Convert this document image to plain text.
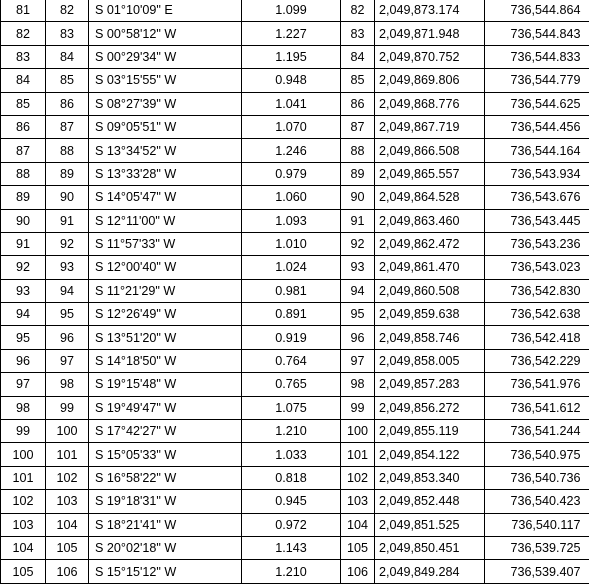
81	82	S 01°10'09" E	1.099	82	2,049,873.174	736,544.864
82	83	S 00°58'12" W	1.227	83	2,049,871.948	736,544.843
83	84	S 00°29'34" W	1.195	84	2,049,870.752	736,544.833
84	85	S 03°15'55" W	0.948	85	2,049,869.806	736,544.779
85	86	S 08°27'39" W	1.041	86	2,049,868.776	736,544.625
86	87	S 09°05'51" W	1.070	87	2,049,867.719	736,544.456
87	88	S 13°34'52" W	1.246	88	2,049,866.508	736,544.164
88	89	S 13°33'28" W	0.979	89	2,049,865.557	736,543.934
89	90	S 14°05'47" W	1.060	90	2,049,864.528	736,543.676
90	91	S 12°11'00" W	1.093	91	2,049,863.460	736,543.445
91	92	S 11°57'33" W	1.010	92	2,049,862.472	736,543.236
92	93	S 12°00'40" W	1.024	93	2,049,861.470	736,543.023
93	94	S 11°21'29" W	0.981	94	2,049,860.508	736,542.830
94	95	S 12°26'49" W	0.891	95	2,049,859.638	736,542.638
95	96	S 13°51'20" W	0.919	96	2,049,858.746	736,542.418
96	97	S 14°18'50" W	0.764	97	2,049,858.005	736,542.229
97	98	S 19°15'48" W	0.765	98	2,049,857.283	736,541.976
98	99	S 19°49'47" W	1.075	99	2,049,856.272	736,541.612
99	100	S 17°42'27" W	1.210	100	2,049,855.119	736,541.244
100	101	S 15°05'33" W	1.033	101	2,049,854.122	736,540.975
101	102	S 16°58'22" W	0.818	102	2,049,853.340	736,540.736
102	103	S 19°18'31" W	0.945	103	2,049,852.448	736,540.423
103	104	S 18°21'41" W	0.972	104	2,049,851.525	736,540.117
104	105	S 20°02'18" W	1.143	105	2,049,850.451	736,539.725
105	106	S 15°15'12" W	1.210	106	2,049,849.284	736,539.407
